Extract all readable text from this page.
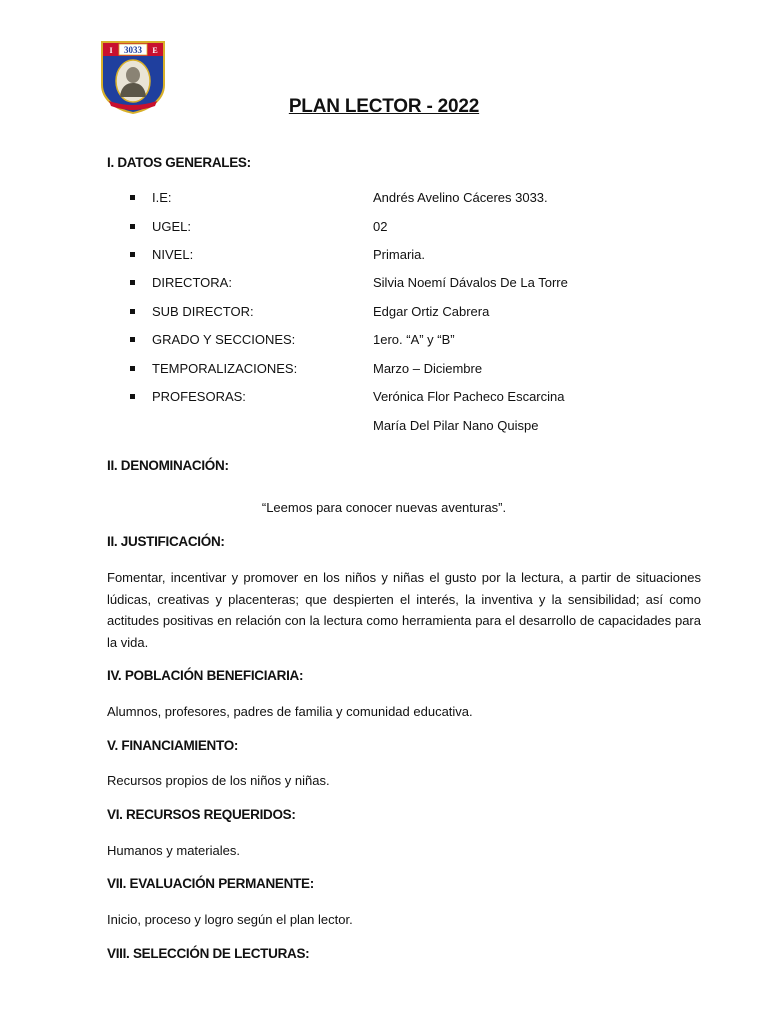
3033
I	E
PLAN LECTOR - 2022
I. DATOS GENERALES:
I.E:	Andrés Avelino Cáceres 3033.
UGEL:	02
NIVEL:	Primaria.
DIRECTORA:	Silvia Noemí Dávalos De La Torre
SUB DIRECTOR:	Edgar Ortiz Cabrera
GRADO Y SECCIONES:	1ero. “A” y “B”
TEMPORALIZACIONES:	Marzo – Diciembre
PROFESORAS:	Verónica Flor Pacheco Escarcina
María Del Pilar Nano Quispe
II. DENOMINACIÓN:
“Leemos para conocer nuevas aventuras”.
II. JUSTIFICACIÓN:
Fomentar, incentivar y promover en los niños y niñas el gusto por la lectura, a partir de situaciones lúdicas, creativas y placenteras; que despierten el interés, la inventiva y la sensibilidad; así como actitudes positivas en relación con la lectura como herramienta para el desarrollo de capacidades para la vida.
IV. POBLACIÓN BENEFICIARIA:
Alumnos, profesores, padres de familia y comunidad educativa.
V. FINANCIAMIENTO:
Recursos propios de los niños y niñas.
VI. RECURSOS REQUERIDOS:
Humanos y materiales.
VII. EVALUACIÓN PERMANENTE:
Inicio, proceso y logro según el plan lector.
VIII. SELECCIÓN DE LECTURAS:
